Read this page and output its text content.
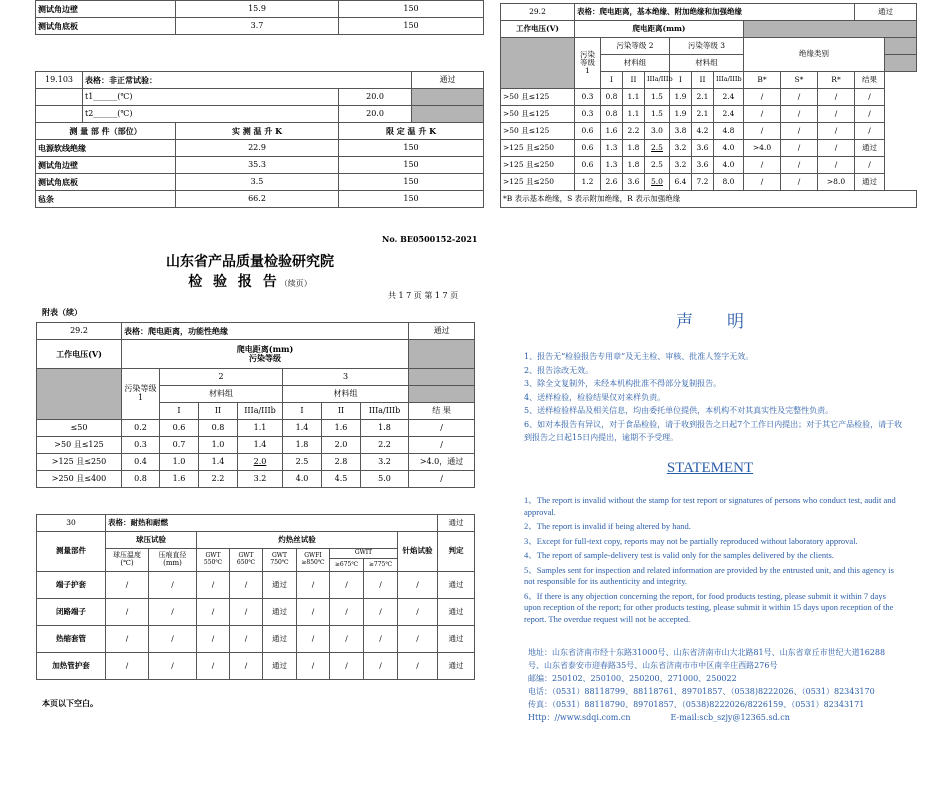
测试角边壁	15.9	150
测试角底板	3.7	150
19.103	表格：非正常试验：			通过
	t1______(℃)		20.0	
	t2______(℃)		20.0	
测 量 部 件（部位）		实 测 温 升 K	限 定 温 升 K	
电源软线绝缘		22.9	150	
测试角边壁		35.3	150	
测试角底板		3.5	150	
毡条		66.2	150	
No. BE0500152-2021
山东省产品质量检验研究院
检 验 报 告（续页）
共 1 7 页 第 1 7 页
附表（续）
29.2	表格：爬电距离，功能性绝缘							通过
工作电压(V)	爬电距离(mm)
污染等级							

	污染等级 1	2			3			
		材料组			材料组			
		I	II	IIIa/IIIb	I	II	IIIa/IIIb	结 果
≤50	0.2	0.6	0.8	1.1	1.4	1.6	1.8	/
>50 且≤125	0.3	0.7	1.0	1.4	1.8	2.0	2.2	/
>125 且≤250	0.4	1.0	1.4	2.0	2.5	2.8	3.2	>4.0，通过
>250 且≤400	0.8	1.6	2.2	3.2	4.0	4.5	5.0	/
30	表格：耐热和耐燃									通过
测量部件	球压试验		灼热丝试验						针焰试验	判定
	球压温度(℃)	压痕直径(mm)	GWT 550℃	GWT 650℃	GWT 750℃	GWFI ≥850℃	GWIT			
							≥675℃	≥775℃		
端子护套	/	/	/	/	通过	/	/	/	/	通过
闭路端子	/	/	/	/	通过	/	/	/	/	通过
热缩套管	/	/	/	/	通过	/	/	/	/	通过
加热管护套	/	/	/	/	通过	/	/	/	/	通过
本页以下空白。
29.2	表格：爬电距离，基本绝缘、附加绝缘和加强绝缘										通过	
工作电压(V)	爬电距离(mm)											
	污染等级 1	污染等级 2			污染等级 3			绝缘类别				
		材料组			材料组							
		I	II	IIIa/IIIb	I	II	IIIa/IIIb	B*	S*	R*	结果	
>50 且≤125	0.3	0.8	1.1	1.5	1.9	2.1	2.4	/	/	/	/	
>50 且≤125	0.3	0.8	1.1	1.5	1.9	2.1	2.4	/	/	/	/	
>50 且≤125	0.6	1.6	2.2	3.0	3.8	4.2	4.8	/	/	/	/	
>125 且≤250	0.6	1.3	1.8	2.5	3.2	3.6	4.0	>4.0	/	/	通过	
>125 且≤250	0.6	1.3	1.8	2.5	3.2	3.6	4.0	/	/	/	/	
>125 且≤250	1.2	2.6	3.6	5.0	6.4	7.2	8.0	/	/	>8.0	通过	
*B 表示基本绝缘，S 表示附加绝缘，R 表示加强绝缘												
声　　明
1、报告无“检验报告专用章”及无主检、审核、批准人签字无效。
2、报告涂改无效。
3、除全文复制外，未经本机构批准不得部分复制报告。
4、送样检验，检验结果仅对来样负责。
5、送样检验样品及相关信息，均由委托单位提供，本机构不对其真实性及完整性负责。
6、如对本报告有异议，对于食品检验，请于收到报告之日起7个工作日内提出；对于其它产品检验，请于收到报告之日起15日内提出，逾期不予受理。
STATEMENT
1、The report is invalid without the stamp for test report or signatures of persons who conduct test, audit and approval.
2、The report is invalid if being altered by hand.
3、Except for full-text copy, reports may not be partially reproduced without laboratory approval.
4、The report of sample-delivery test is valid only for the samples delivered by the clients.
5、Samples sent for inspection and related information are provided by the entrusted unit, and this agency is not responsible for its authenticity and integrity.
6、If there is any objection concerning the report, for food products testing, please submit it within 7 days upon reception of the report; for other products testing, please submit it within 15 days upon reception of the report. The overdue request will not be accepted.
地址：山东省济南市经十东路31000号、山东省济南市山大北路81号、山东省章丘市世纪大道16288号、山东省泰安市迎春路35号、山东省济南市市中区南辛庄西路276号
邮编：250102、250100、250200、271000、250022
电话：（0531）88118799、88118761、89701857、（0538)8222026、（0531）82343170
传真：（0531）88118790、89701857、（0538)8222026/8226159、（0531）82343171
Http：//www.sdqi.com.cn　　　　　E-mail:scb_szjy@12365.sd.cn
